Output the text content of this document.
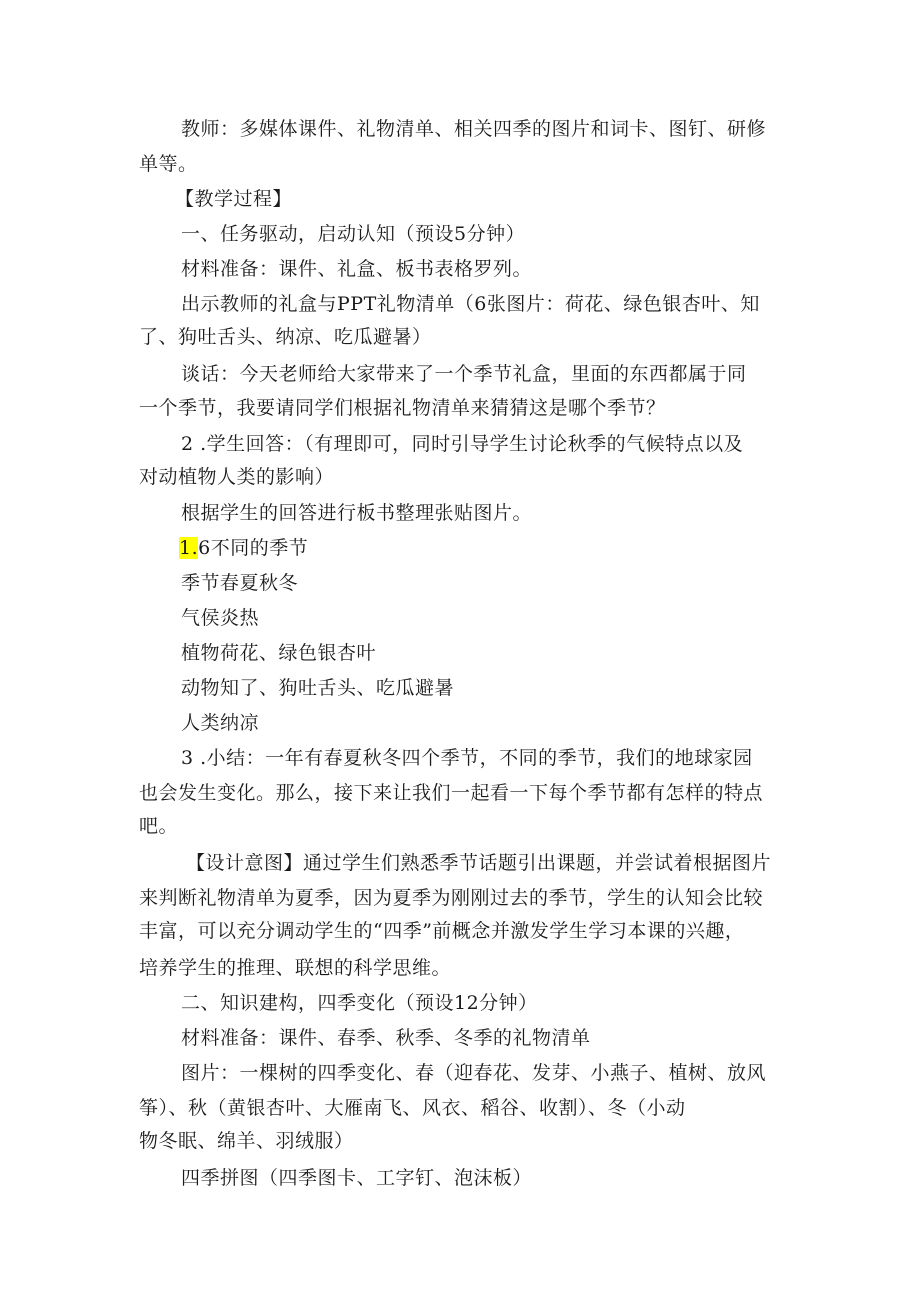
教师：多媒体课件、礼物清单、相关四季的图片和词卡、图钉、研修

单等。

【教学过程】

一、任务驱动，启动认知（预设5分钟）

材料准备：课件、礼盒、板书表格罗列。

出示教师的礼盒与PPT礼物清单（6张图片：荷花、绿色银杏叶、知

了、狗吐舌头、纳凉、吃瓜避暑）

谈话：今天老师给大家带来了一个季节礼盒，里面的东西都属于同

一个季节，我要请同学们根据礼物清单来猜猜这是哪个季节？

2 .学生回答：（有理即可，同时引导学生讨论秋季的气候特点以及

对动植物人类的影响）

根据学生的回答进行板书整理张贴图片。

1.6不同的季节

季节春夏秋冬

气侯炎热

植物荷花、绿色银杏叶

动物知了、狗吐舌头、吃瓜避暑

人类纳凉

3 .小结：一年有春夏秋冬四个季节，不同的季节，我们的地球家园

也会发生变化。那么，接下来让我们一起看一下每个季节都有怎样的特点

吧。

【设计意图】通过学生们熟悉季节话题引出课题，并尝试着根据图片

来判断礼物清单为夏季，因为夏季为刚刚过去的季节，学生的认知会比较

丰富，可以充分调动学生的“四季”前概念并激发学生学习本课的兴趣，

培养学生的推理、联想的科学思维。

二、知识建构，四季变化（预设12分钟）

材料准备：课件、春季、秋季、冬季的礼物清单

图片：一棵树的四季变化、春（迎春花、发芽、小燕子、植树、放风

筝）、秋（黄银杏叶、大雁南飞、风衣、稻谷、收割）、冬（小动

物冬眠、绵羊、羽绒服）

四季拼图（四季图卡、工字钉、泡沫板）
